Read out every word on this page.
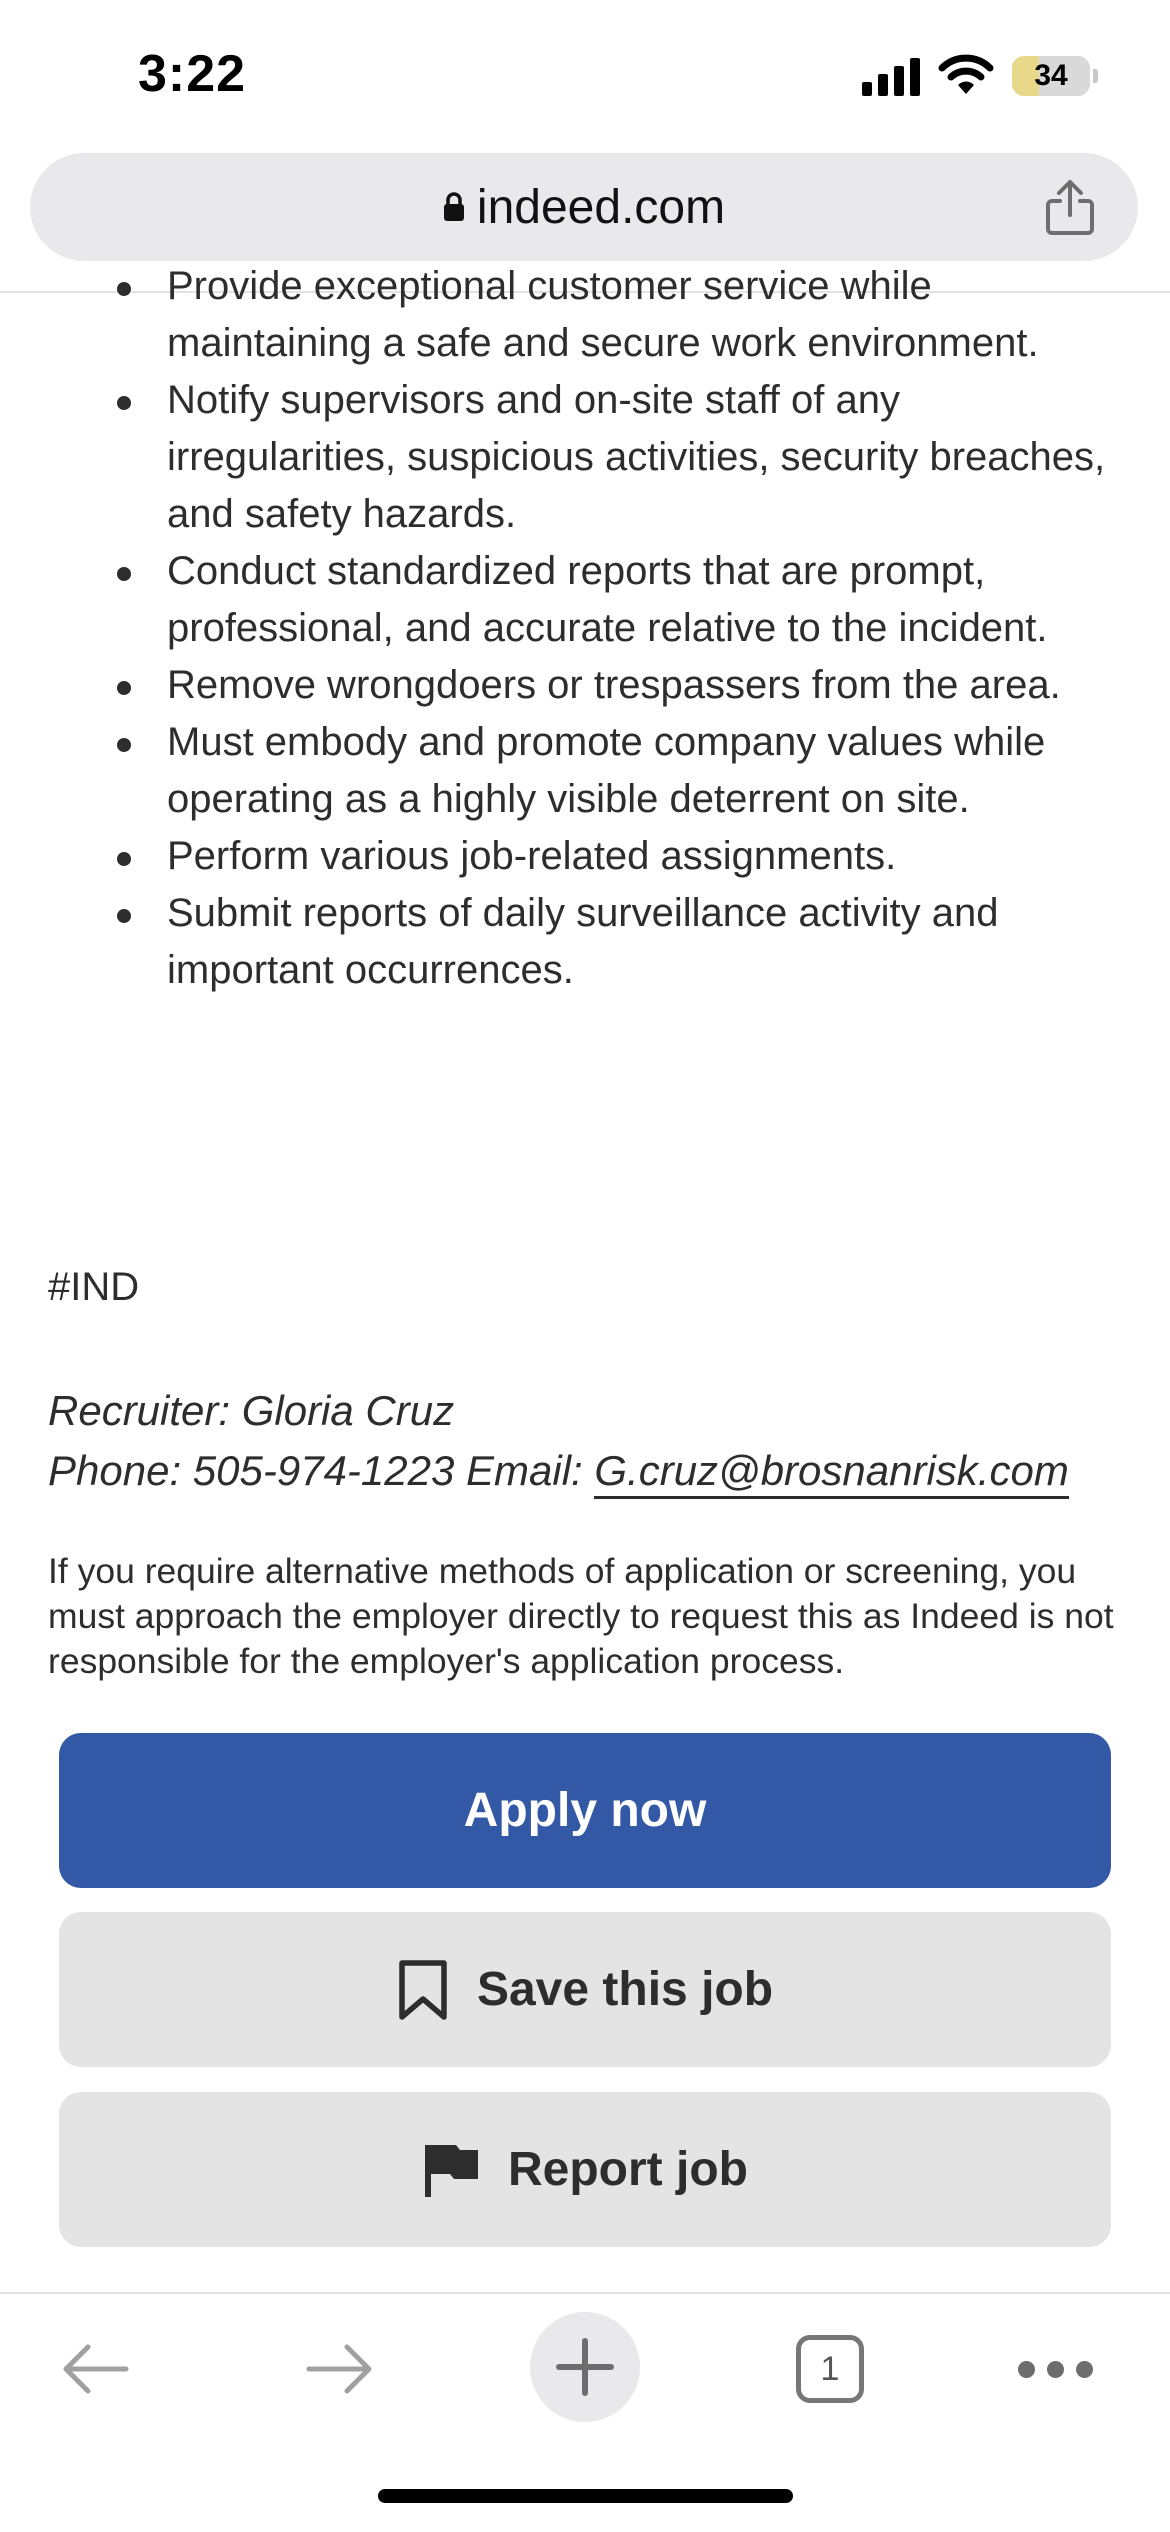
3:22	34
indeed.com
Provide exceptional customer service while maintaining a safe and secure work environment.
Notify supervisors and on-site staff of any irregularities, suspicious activities, security breaches, and safety hazards.
Conduct standardized reports that are prompt, professional, and accurate relative to the incident.
Remove wrongdoers or trespassers from the area.
Must embody and promote company values while operating as a highly visible deterrent on site.
Perform various job-related assignments.
Submit reports of daily surveillance activity and important occurrences.
#IND
Recruiter: Gloria Cruz
Phone: 505-974-1223 Email: G.cruz@brosnanrisk.com
If you require alternative methods of application or screening, you must approach the employer directly to request this as Indeed is not responsible for the employer's application process.
Apply now
Save this job
Report job
1
